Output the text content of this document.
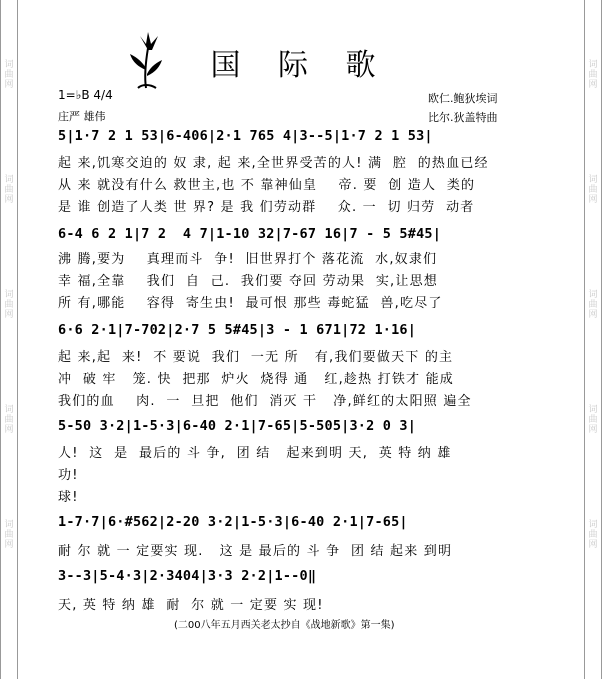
词 曲 网
词 曲 网
词 曲 网
词 曲 网
词 曲 网
词 曲 网
词 曲 网
词 曲 网
词 曲 网
词 曲 网
国 际 歌
1=♭B 4/4
庄严 雄伟
欧仁.鲍狄埃词
比尔.狄盖特曲
5|1·7 2 1 53|6-406|2·1 765 4|3--5|1·7 2 1 53|
起 来,饥寒交迫的 奴 隶, 起 来,全世界受苦的人! 满  腔  的热血已经
从 来 就没有什么 救世主,也 不 靠神仙皇    帝. 要  创 造人  类的
是 谁 创造了人类 世 界? 是 我 们劳动群    众. 一  切 归劳  动者
6-4 6 2 1|7 2  4 7|1-10 32|7-67 16|7 - 5 5#45|
沸 腾,要为    真理而斗  争!  旧世界打个 落花流  水,奴隶们
幸 福,全靠    我们  自  己.  我们要 夺回 劳动果  实,让思想
所 有,哪能    容得  寄生虫!  最可恨 那些 毒蛇猛  兽,吃尽了
6·6 2·1|7-702|2·7 5 5#45|3 - 1 671|72 1·16|
起 来,起  来!  不 要说  我们  一无 所   有,我们要做天下 的主
冲  破 牢   笼. 快  把那  炉火  烧得 通   红,趁热 打铁才 能成
我们的血    肉.  一  旦把  他们  消灭 干   净,鲜红的太阳照 遍全
5-50 3·2|1-5·3|6-40 2·1|7-65|5-505|3·2 0 3|
人!  这  是  最后的 斗 争,  团 结   起来到明 天,  英 特 纳 雄
功!
球!
1-7·7|6·#562|2-20 3·2|1-5·3|6-40 2·1|7-65|
耐 尔 就 一 定要实 现.   这 是 最后的 斗 争  团 结 起来 到明
3--3|5-4·3|2·3404|3·3 2·2|1--0‖
天, 英 特 纳 雄  耐  尔 就 一 定要 实 现!
(二00八年五月西关老太抄自《战地新歌》第一集)
